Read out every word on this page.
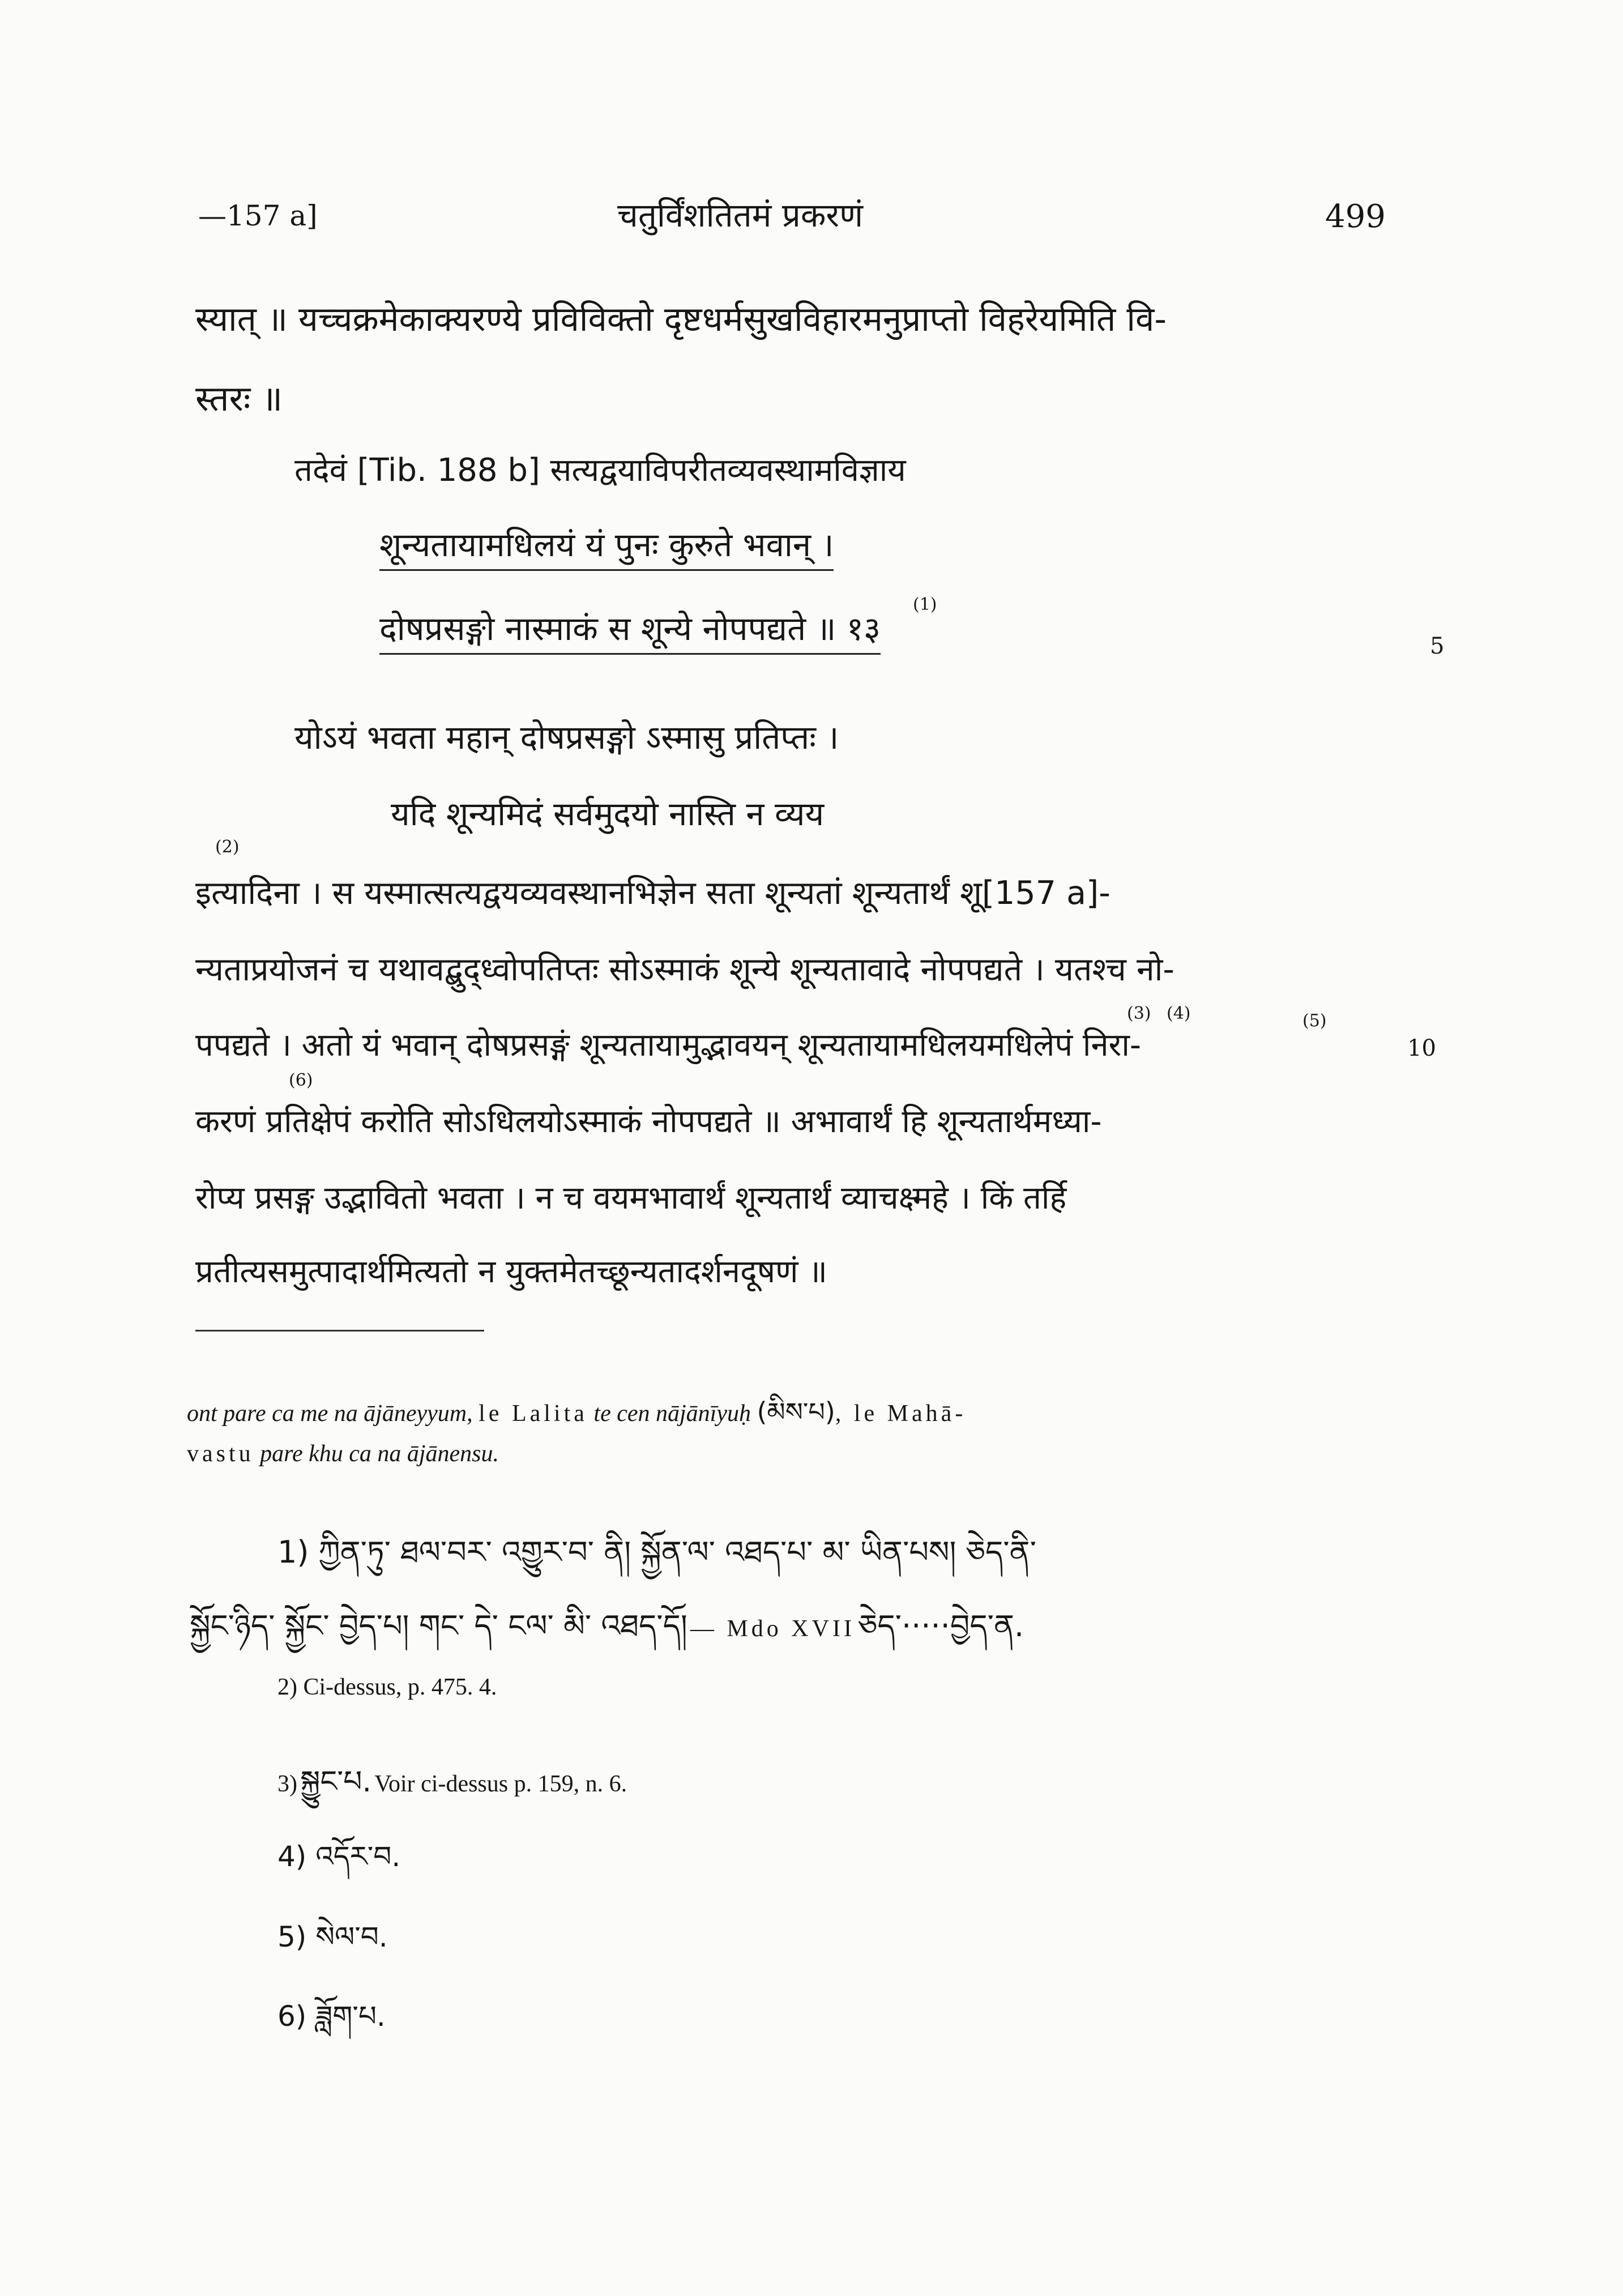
—157 a]	चतुर्विंशतितमं प्रकरणं	499
स्यात् ॥ यच्चक्रमेकाक्यरण्ये प्रविविक्तो दृष्टधर्मसुखविहारमनुप्राप्तो विहरेयमिति वि-
स्तरः ॥
तदेवं [Tib. 188 b] सत्यद्वयाविपरीतव्यवस्थामविज्ञाय
शून्यतायामधिलयं यं पुनः कुरुते भवान् ।
दोषप्रसङ्गो नास्माकं स शून्ये नोपपद्यते ॥ १३
(1)
5
योऽयं भवता महान् दोषप्रसङ्गो ऽस्मासु प्रतिप्तः ।
यदि शून्यमिदं सर्वमुदयो नास्ति न व्यय
(2)
इत्यादिना । स यस्मात्सत्यद्वयव्यवस्थानभिज्ञेन सता शून्यतां शून्यतार्थं शू[157 a]-
न्यताप्रयोजनं च यथावद्बुद्ध्वोपतिप्तः सोऽस्माकं शून्ये शून्यतावादे नोपपद्यते । यतश्च नो-
(3) (4)	(5)
पपद्यते । अतो यं भवान् दोषप्रसङ्गं शून्यतायामुद्भावयन् शून्यतायामधिलयमधिलेपं निरा-	10
(6)
करणं प्रतिक्षेपं करोति सोऽधिलयोऽस्माकं नोपपद्यते ॥ अभावार्थं हि शून्यतार्थमध्या-
रोप्य प्रसङ्ग उद्भावितो भवता । न च वयमभावार्थं शून्यतार्थं व्याचक्ष्महे । किं तर्हि
प्रतीत्यसमुत्पादार्थमित्यतो न युक्तमेतच्छून्यतादर्शनदूषणं ॥
ont pare ca me na ājāneyyum, le Lalita te cen nājānīyuḥ (མིས་པ), le Mahā-
vastu pare khu ca na ājānensu.
1) ཀྱིན་ཏུ་ ཐལ་བར་ འགྱུར་བ་ ནི། སྐྱོན་ལ་ འཐད་པ་ མ་ ཡིན་པས། ཅེད་ནི་
སྐྱོང་ཉིད་ སྐྱོང་ བྱེད་པ། གང་ དེ་ ངལ་ མི་ འཐད་དོ། — Mdo XVII ཅེད་·····བྱེད་ན.
2) Ci-dessus, p. 475. 4.
3) སྐྱུང་པ. Voir ci-dessus p. 159, n. 6.
4) འདོར་བ.
5) སེལ་བ.
6) ཟློག་པ.
